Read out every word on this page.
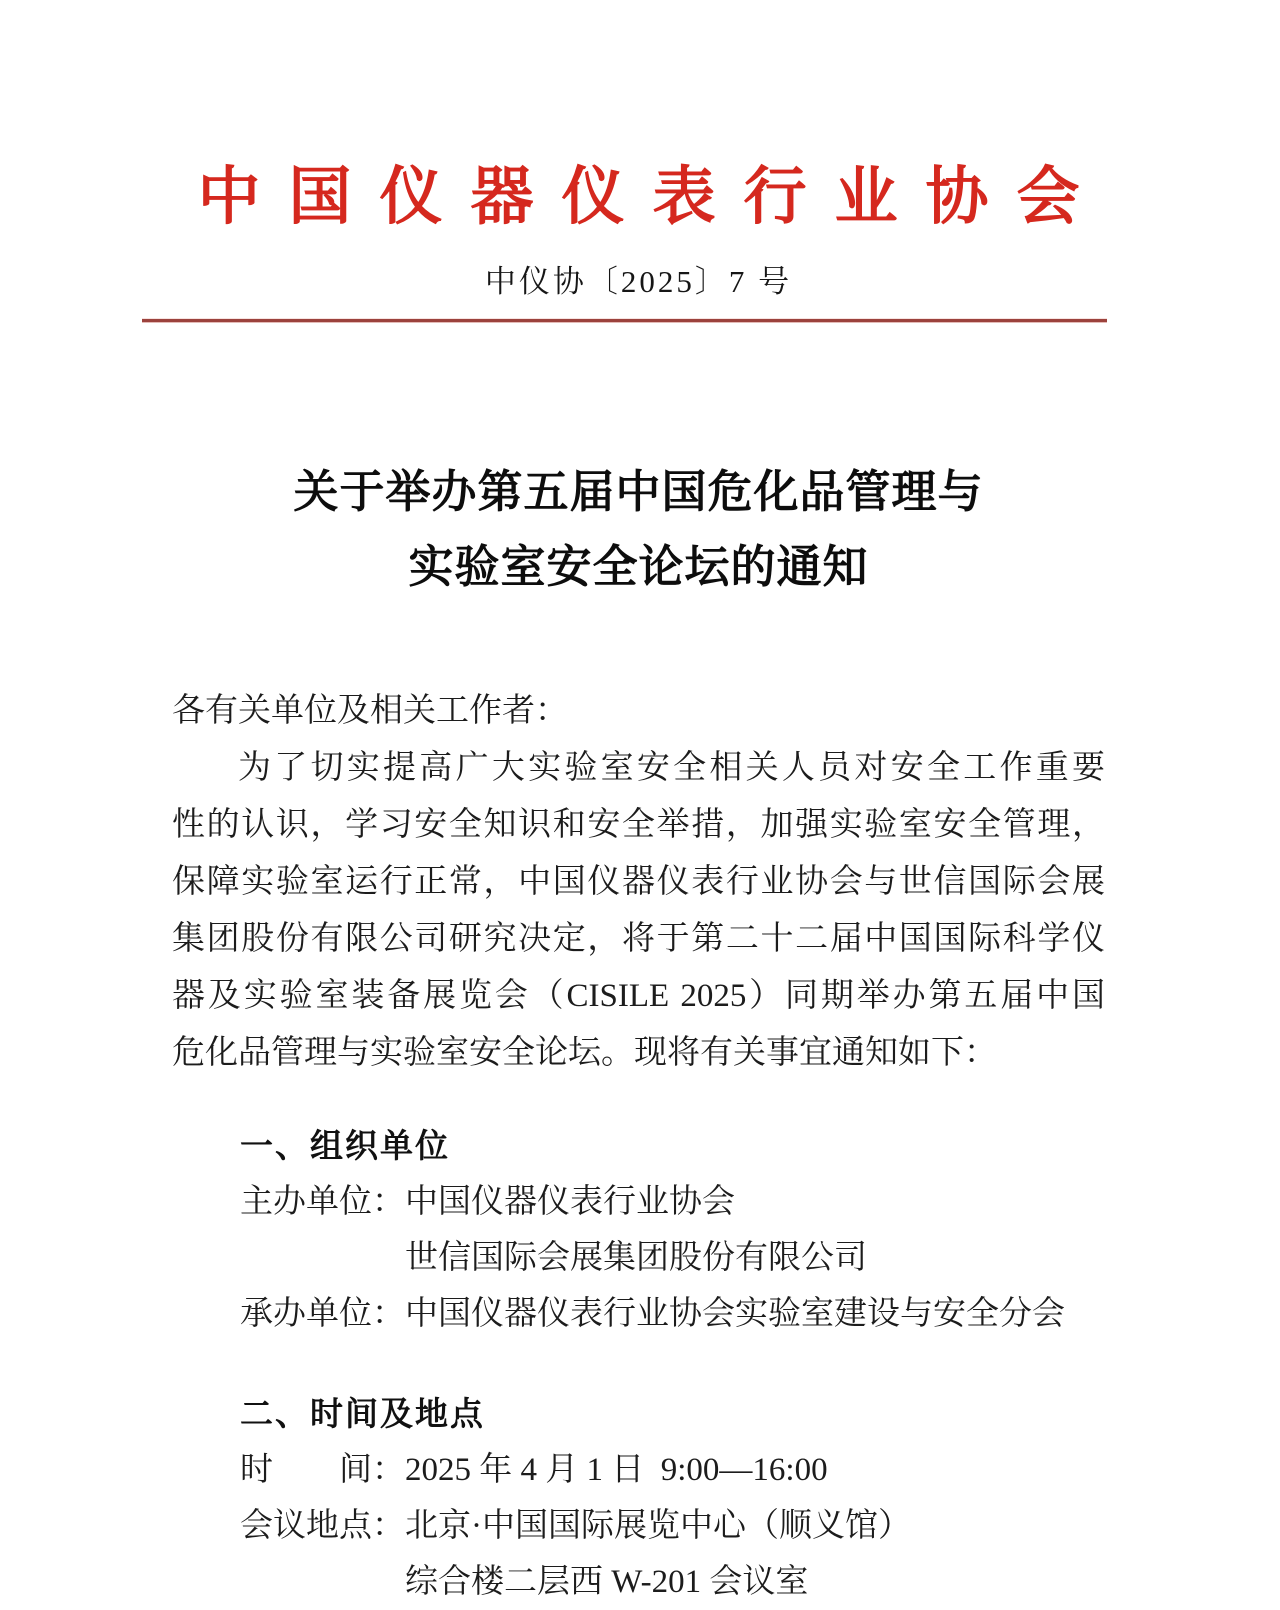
中国仪器仪表行业协会
中仪协〔2025〕7 号
关于举办第五届中国危化品管理与
实验室安全论坛的通知
各有关单位及相关工作者：
为了切实提高广大实验室安全相关人员对安全工作重要
性的认识，学习安全知识和安全举措，加强实验室安全管理，
保障实验室运行正常，中国仪器仪表行业协会与世信国际会展
集团股份有限公司研究决定，将于第二十二届中国国际科学仪
器及实验室装备展览会（CISILE 2025）同期举办第五届中国
危化品管理与实验室安全论坛。现将有关事宜通知如下：
一、组织单位
主办单位：中国仪器仪表行业协会
世信国际会展集团股份有限公司
承办单位：中国仪器仪表行业协会实验室建设与安全分会
二、时间及地点
时　　间：2025 年 4 月 1 日  9:00—16:00
会议地点：北京·中国国际展览中心（顺义馆）
综合楼二层西 W-201 会议室
